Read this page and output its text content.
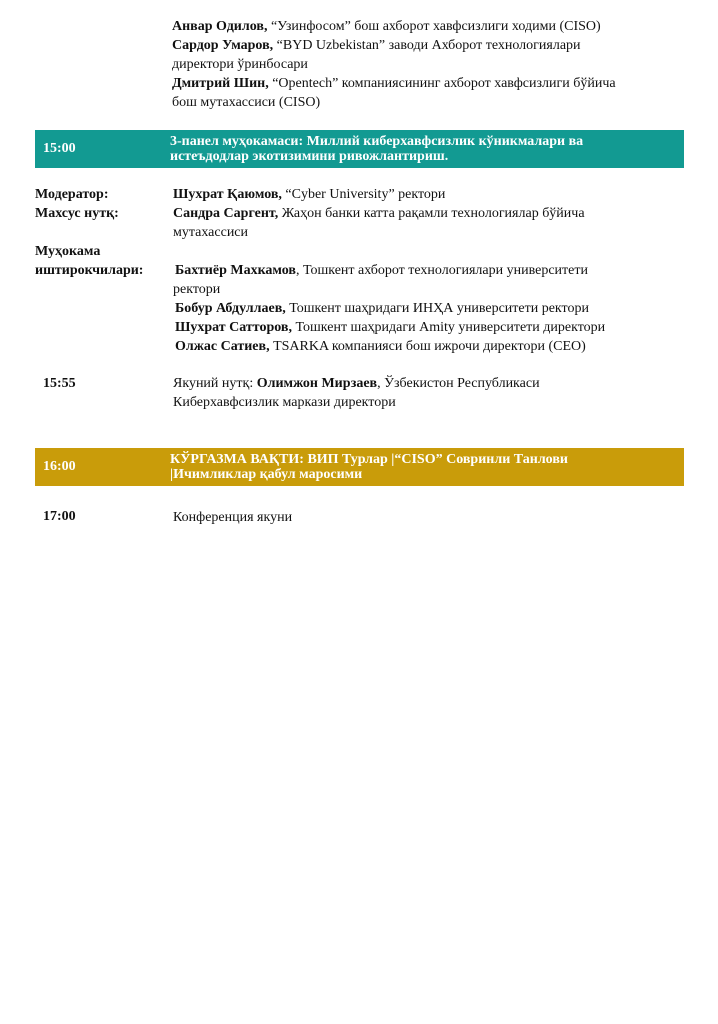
Анвар Одилов, “Узинфосом” бош ахборот хавфсизлиги ходими (CISO)
Сардор Умаров, “BYD Uzbekistan” заводи Ахборот технологиялари
директори ўринбосари
Дмитрий Шин, “Opentech” компаниясининг ахборот хавфсизлиги бўйича
бош мутахассиси (CISO)
15:00	3-панел муҳокамаси: Миллий киберхавфсизлик кўникмалари ва
истеъдодлар экотизимини ривожлантириш.
Модератор:	Шухрат Қаюмов, “Cyber University” ректори
Махсус нутқ:	Сандра Саргент, Жаҳон банки катта рақамли технологиялар бўйича
мутахассиси
Муҳокама
иштирокчилари: Бахтиёр Махкамов, Тошкент ахборот технологиялари университети
ректори
Бобур Абдуллаев, Тошкент шаҳридаги ИНҲА университети ректори
Шухрат Сатторов, Тошкент шаҳридаги Amity университети директори
Олжас Сатиев, TSARKA компанияси бош ижрочи директори (CEO)
15:55	Якуний нутқ: Олимжон Мирзаев, Ўзбекистон Республикаси
Киберхавфсизлик маркази директори
16:00	КЎРГАЗМА ВАҚТИ: ВИП Турлар |“CISO” Совринли Танлови
|Ичимликлар қабул маросими
17:00	Конференция якуни
